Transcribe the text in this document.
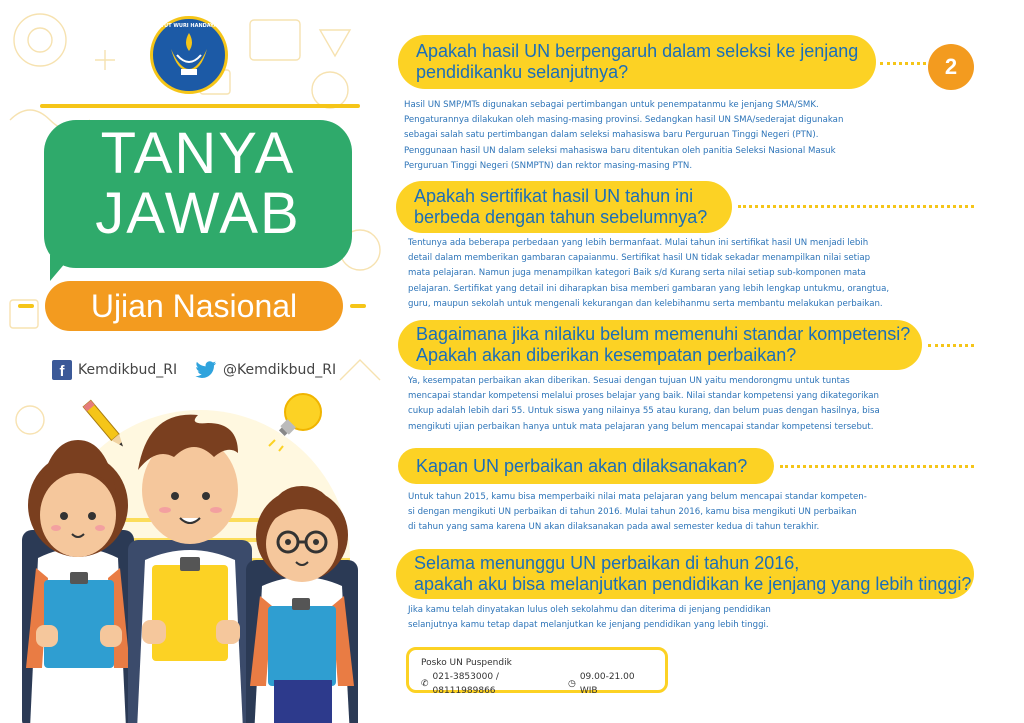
TUT WURI HANDAYANI
TANYA
JAWAB
Ujian Nasional
f Kemdikbud_RI	@Kemdikbud_RI
Apakah hasil UN berpengaruh dalam seleksi ke jenjang
pendidikanku selanjutnya?	2
Hasil UN SMP/MTs digunakan sebagai pertimbangan untuk penempatanmu ke jenjang SMA/SMK.
Pengaturannya dilakukan oleh masing-masing provinsi. Sedangkan hasil UN SMA/sederajat digunakan
sebagai salah satu pertimbangan dalam seleksi mahasiswa baru Perguruan Tinggi Negeri (PTN).
Penggunaan hasil UN dalam seleksi mahasiswa baru ditentukan oleh panitia Seleksi Nasional Masuk
Perguruan Tinggi Negeri (SNMPTN) dan rektor masing-masing PTN.
Apakah sertifikat hasil UN tahun ini
berbeda dengan tahun sebelumnya?
Tentunya ada beberapa perbedaan yang lebih bermanfaat. Mulai tahun ini sertifikat hasil UN menjadi lebih
detail dalam memberikan gambaran capaianmu. Sertifikat hasil UN tidak sekadar menampilkan nilai setiap
mata pelajaran. Namun juga menampilkan kategori Baik s/d Kurang serta nilai setiap sub-komponen mata
pelajaran. Sertifikat yang detail ini diharapkan bisa memberi gambaran yang lebih lengkap untukmu, orangtua,
guru, maupun sekolah untuk mengenali kekurangan dan kelebihanmu serta membantu melakukan perbaikan.
Bagaimana jika nilaiku belum memenuhi standar kompetensi?
Apakah akan diberikan kesempatan perbaikan?
Ya, kesempatan perbaikan akan diberikan. Sesuai dengan tujuan UN yaitu mendorongmu untuk tuntas
mencapai standar kompetensi melalui proses belajar yang baik. Nilai standar kompetensi yang dikategorikan
cukup adalah lebih dari 55. Untuk siswa yang nilainya 55 atau kurang, dan belum puas dengan hasilnya, bisa
mengikuti ujian perbaikan hanya untuk mata pelajaran yang belum mencapai standar kompetensi tersebut.
Kapan UN perbaikan akan dilaksanakan?
Untuk tahun 2015, kamu bisa memperbaiki nilai mata pelajaran yang belum mencapai standar kompeten-
si dengan mengikuti UN perbaikan di tahun 2016. Mulai tahun 2016, kamu bisa mengikuti UN perbaikan
di tahun yang sama karena UN akan dilaksanakan pada awal semester kedua di tahun terakhir.
Selama menunggu UN perbaikan di tahun 2016,
apakah aku bisa melanjutkan pendidikan ke jenjang yang lebih tinggi?
Jika kamu telah dinyatakan lulus oleh sekolahmu dan diterima di jenjang pendidikan
selanjutnya kamu tetap dapat melanjutkan ke jenjang pendidikan yang lebih tinggi.
Posko UN Puspendik
✆
021-3853000 / 08111989866
◷
09.00-21.00 WIB
